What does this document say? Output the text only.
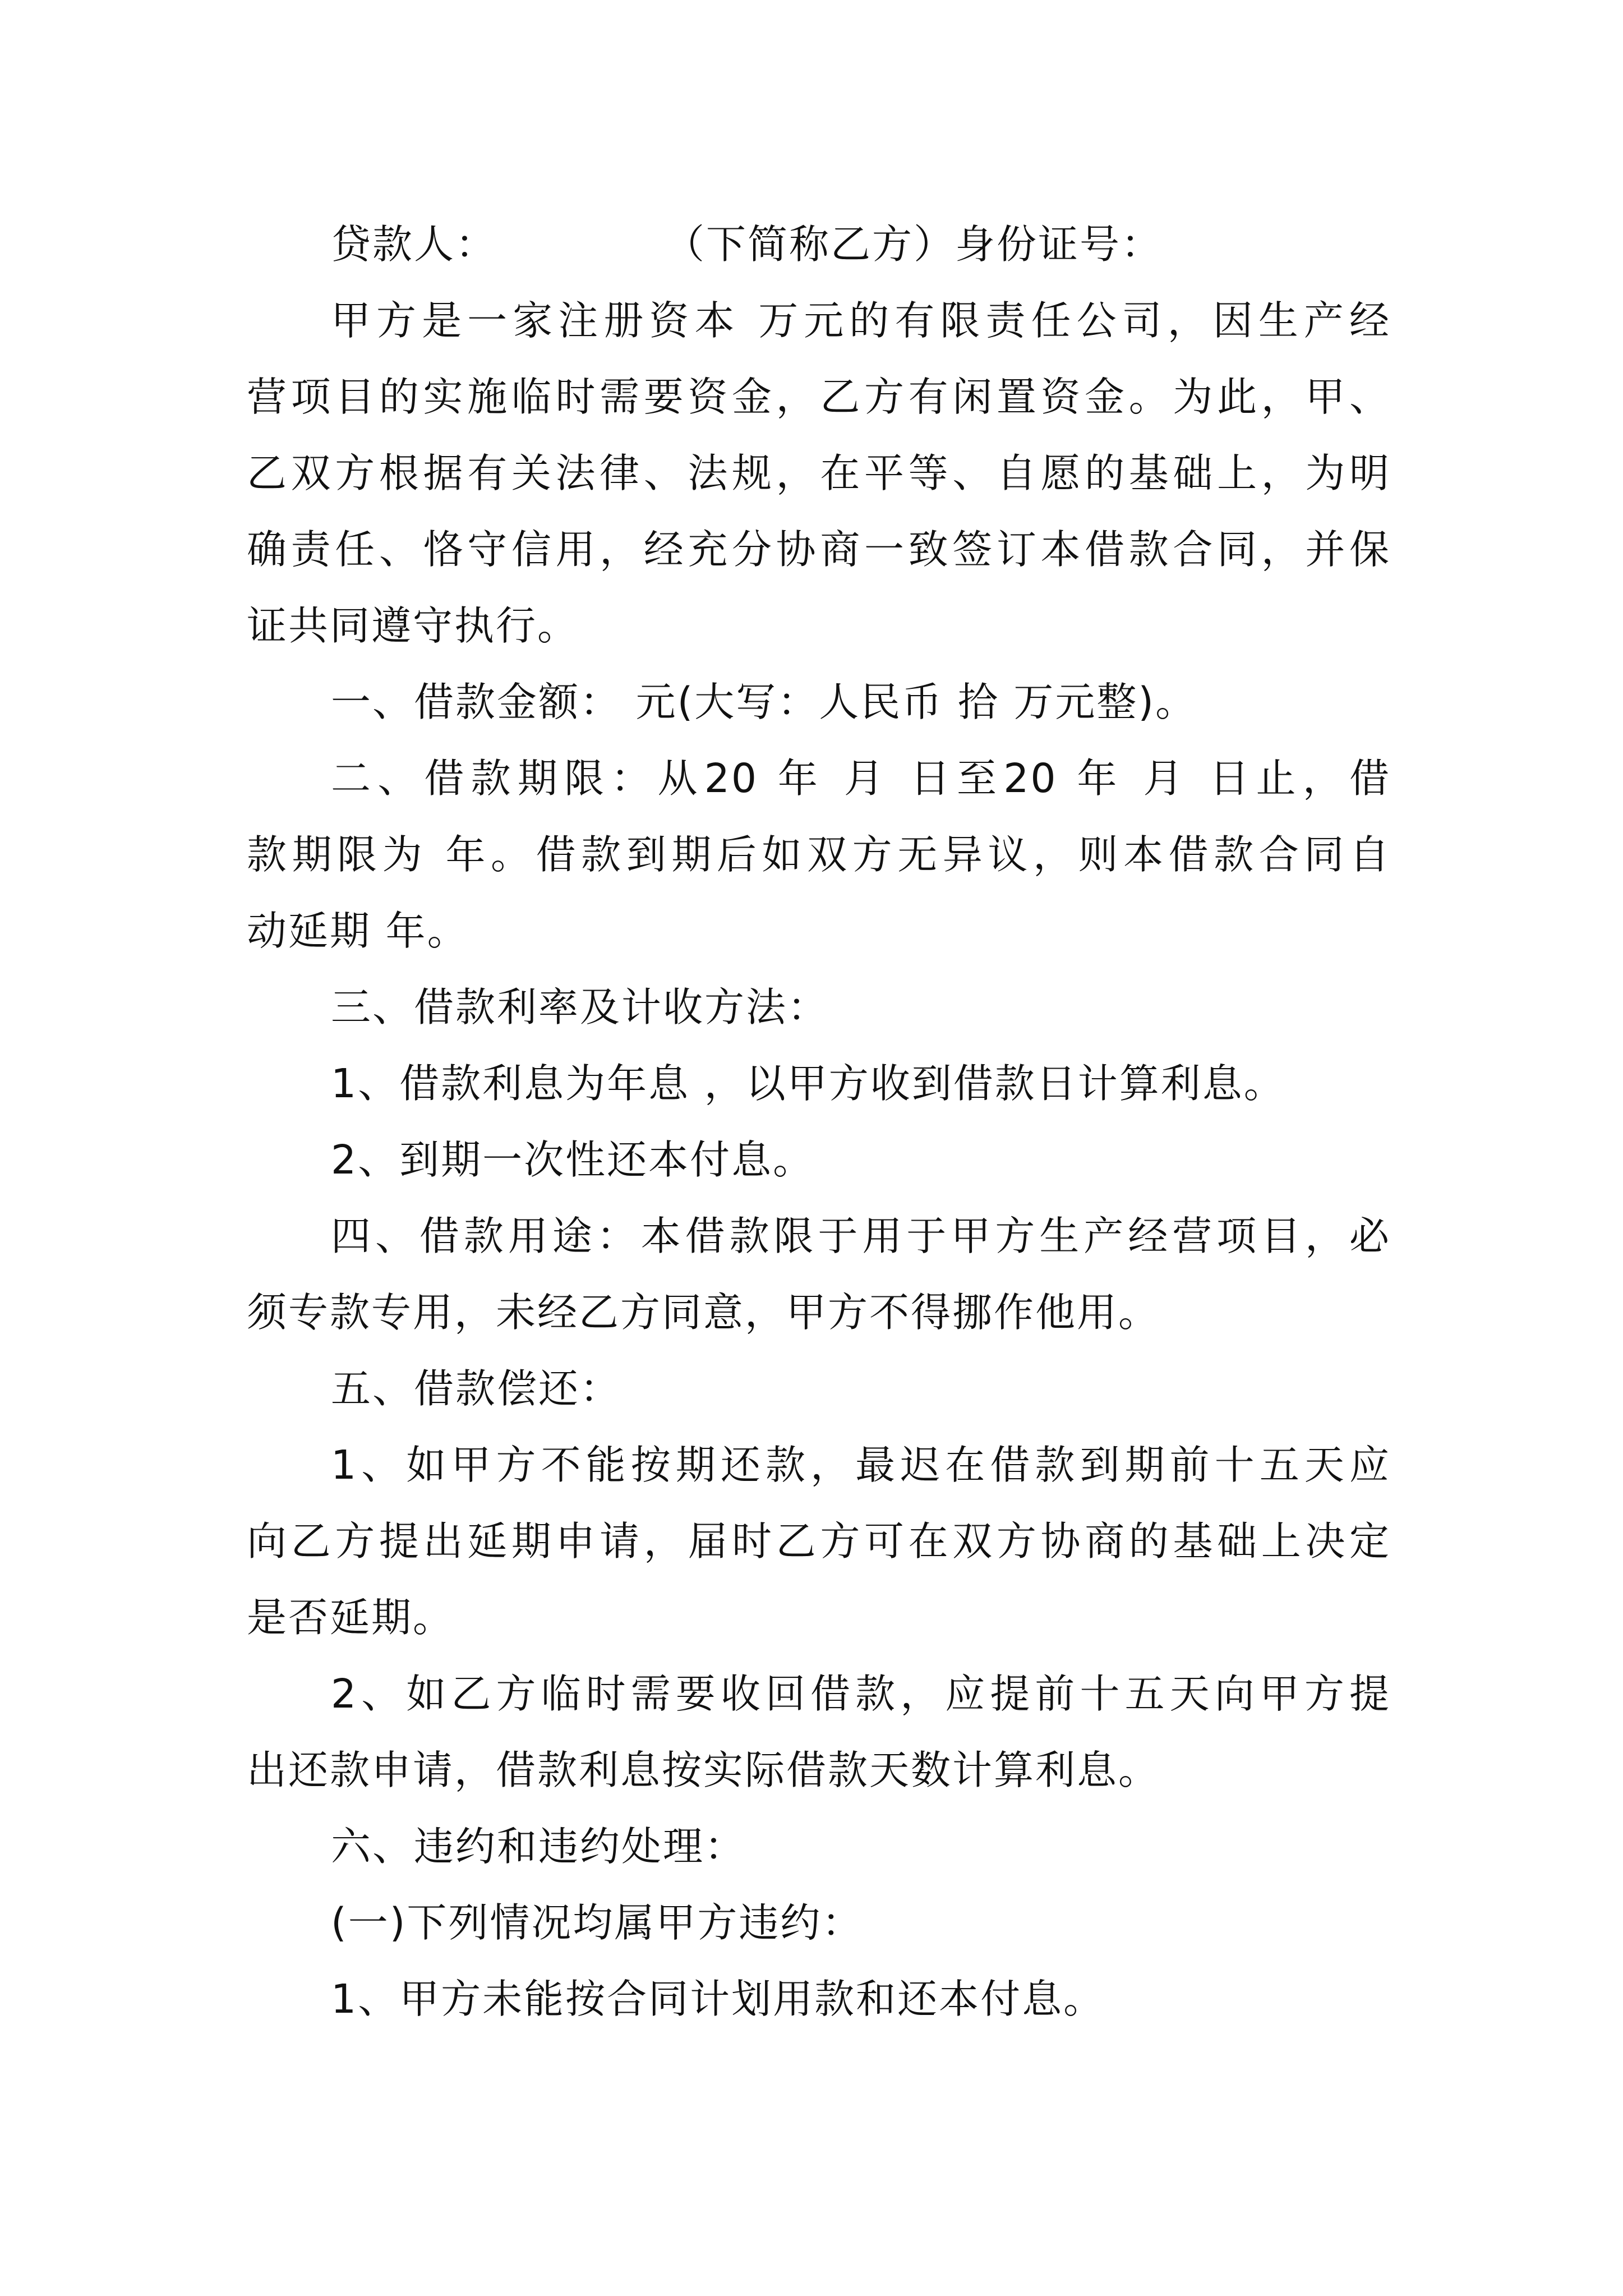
贷款人：　　　　　（下简称乙方）身份证号：
甲方是一家注册资本 万元的有限责任公司，因生产经
营项目的实施临时需要资金，乙方有闲置资金。为此，甲、
乙双方根据有关法律、法规，在平等、自愿的基础上，为明
确责任、恪守信用，经充分协商一致签订本借款合同，并保
证共同遵守执行。
一、借款金额： 元(大写：人民币 拾 万元整)。
二、借款期限：从20 年 月 日至20 年 月 日止，借
款期限为 年。借款到期后如双方无异议，则本借款合同自
动延期 年。
三、借款利率及计收方法：
1、借款利息为年息 ，以甲方收到借款日计算利息。
2、到期一次性还本付息。
四、借款用途：本借款限于用于甲方生产经营项目，必
须专款专用，未经乙方同意，甲方不得挪作他用。
五、借款偿还：
1、如甲方不能按期还款，最迟在借款到期前十五天应
向乙方提出延期申请，届时乙方可在双方协商的基础上决定
是否延期。
2、如乙方临时需要收回借款，应提前十五天向甲方提
出还款申请，借款利息按实际借款天数计算利息。
六、违约和违约处理：
(一)下列情况均属甲方违约：
1、甲方未能按合同计划用款和还本付息。
